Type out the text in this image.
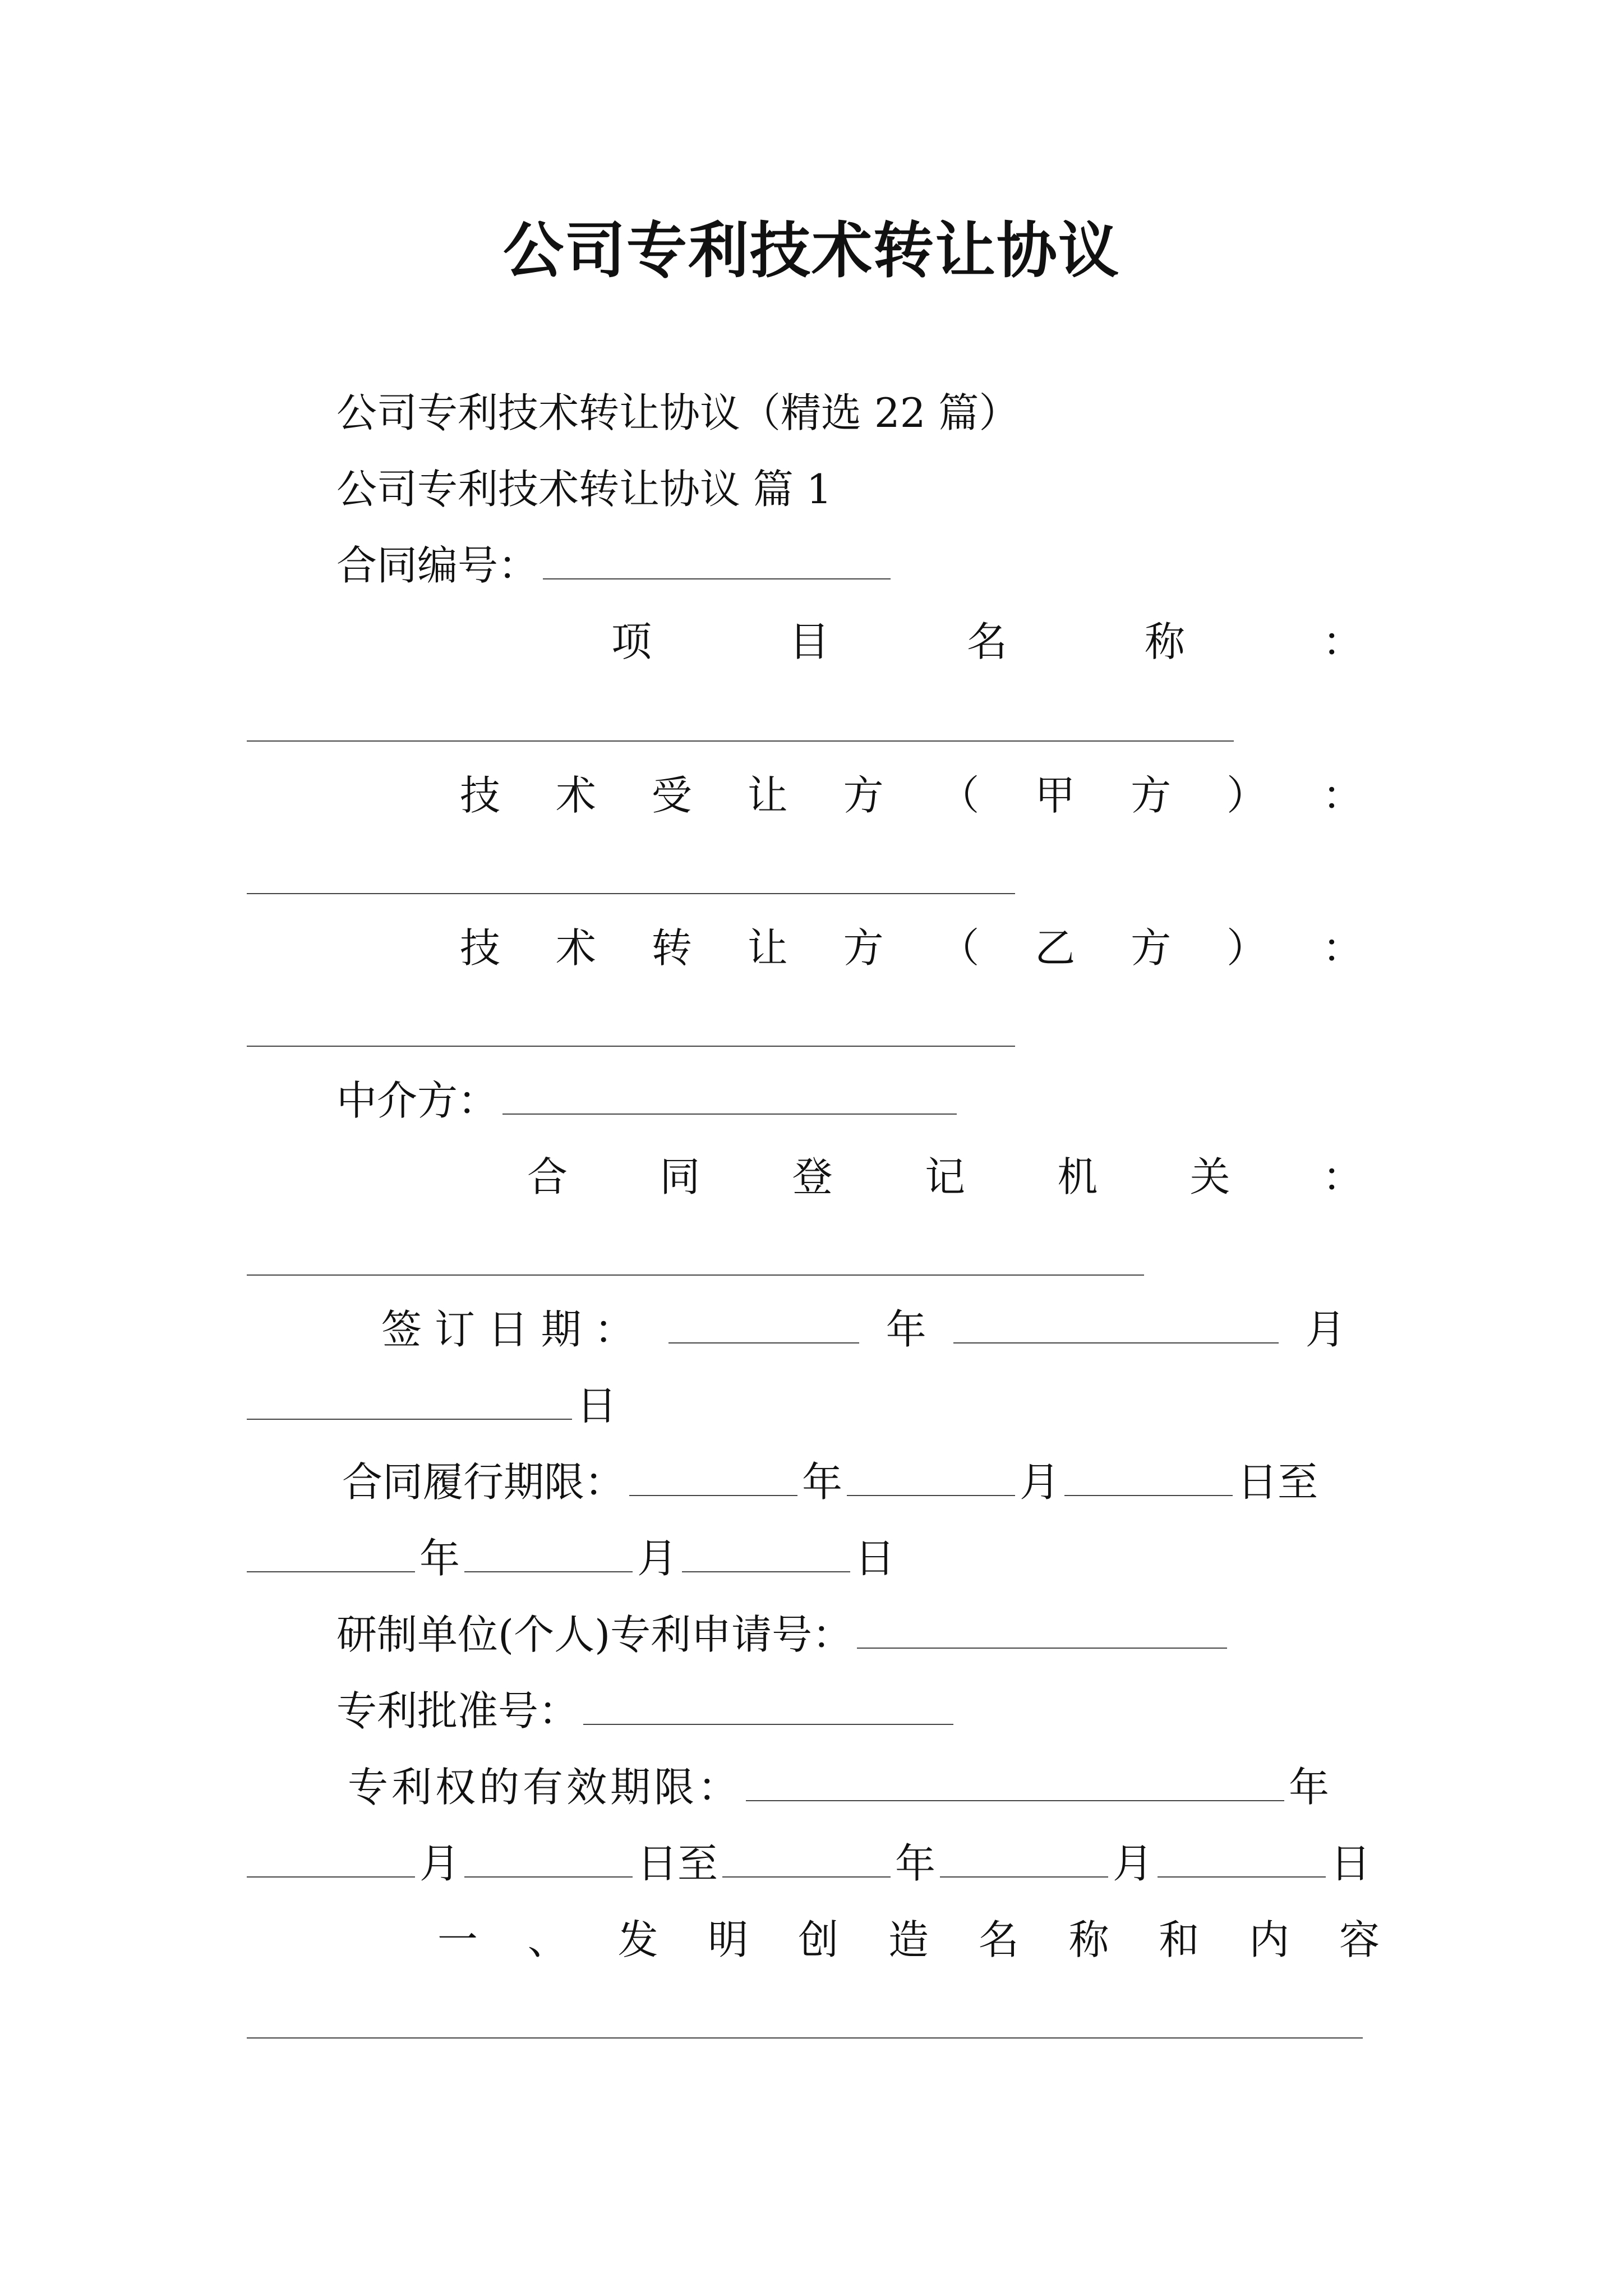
公司专利技术转让协议
公司专利技术转让协议（精选 22 篇）
公司专利技术转让协议 篇 1
合同编号：
项	目	名	称	：
技 术 受 让 方 （ 甲 方 ） ：
技 术 转 让 方 （ 乙 方 ） ：
中介方：
合 同 登 记 机 关 ：
签 订 日 期 ：	年	月
日
合同履行期限：	年	月	日至
年	月	日
研制单位(个人)专利申请号：
专利批准号：
专利权的有效期限：	年
月	日至	年	月	日
一 、 发 明 创 造 名 称 和 内 容
